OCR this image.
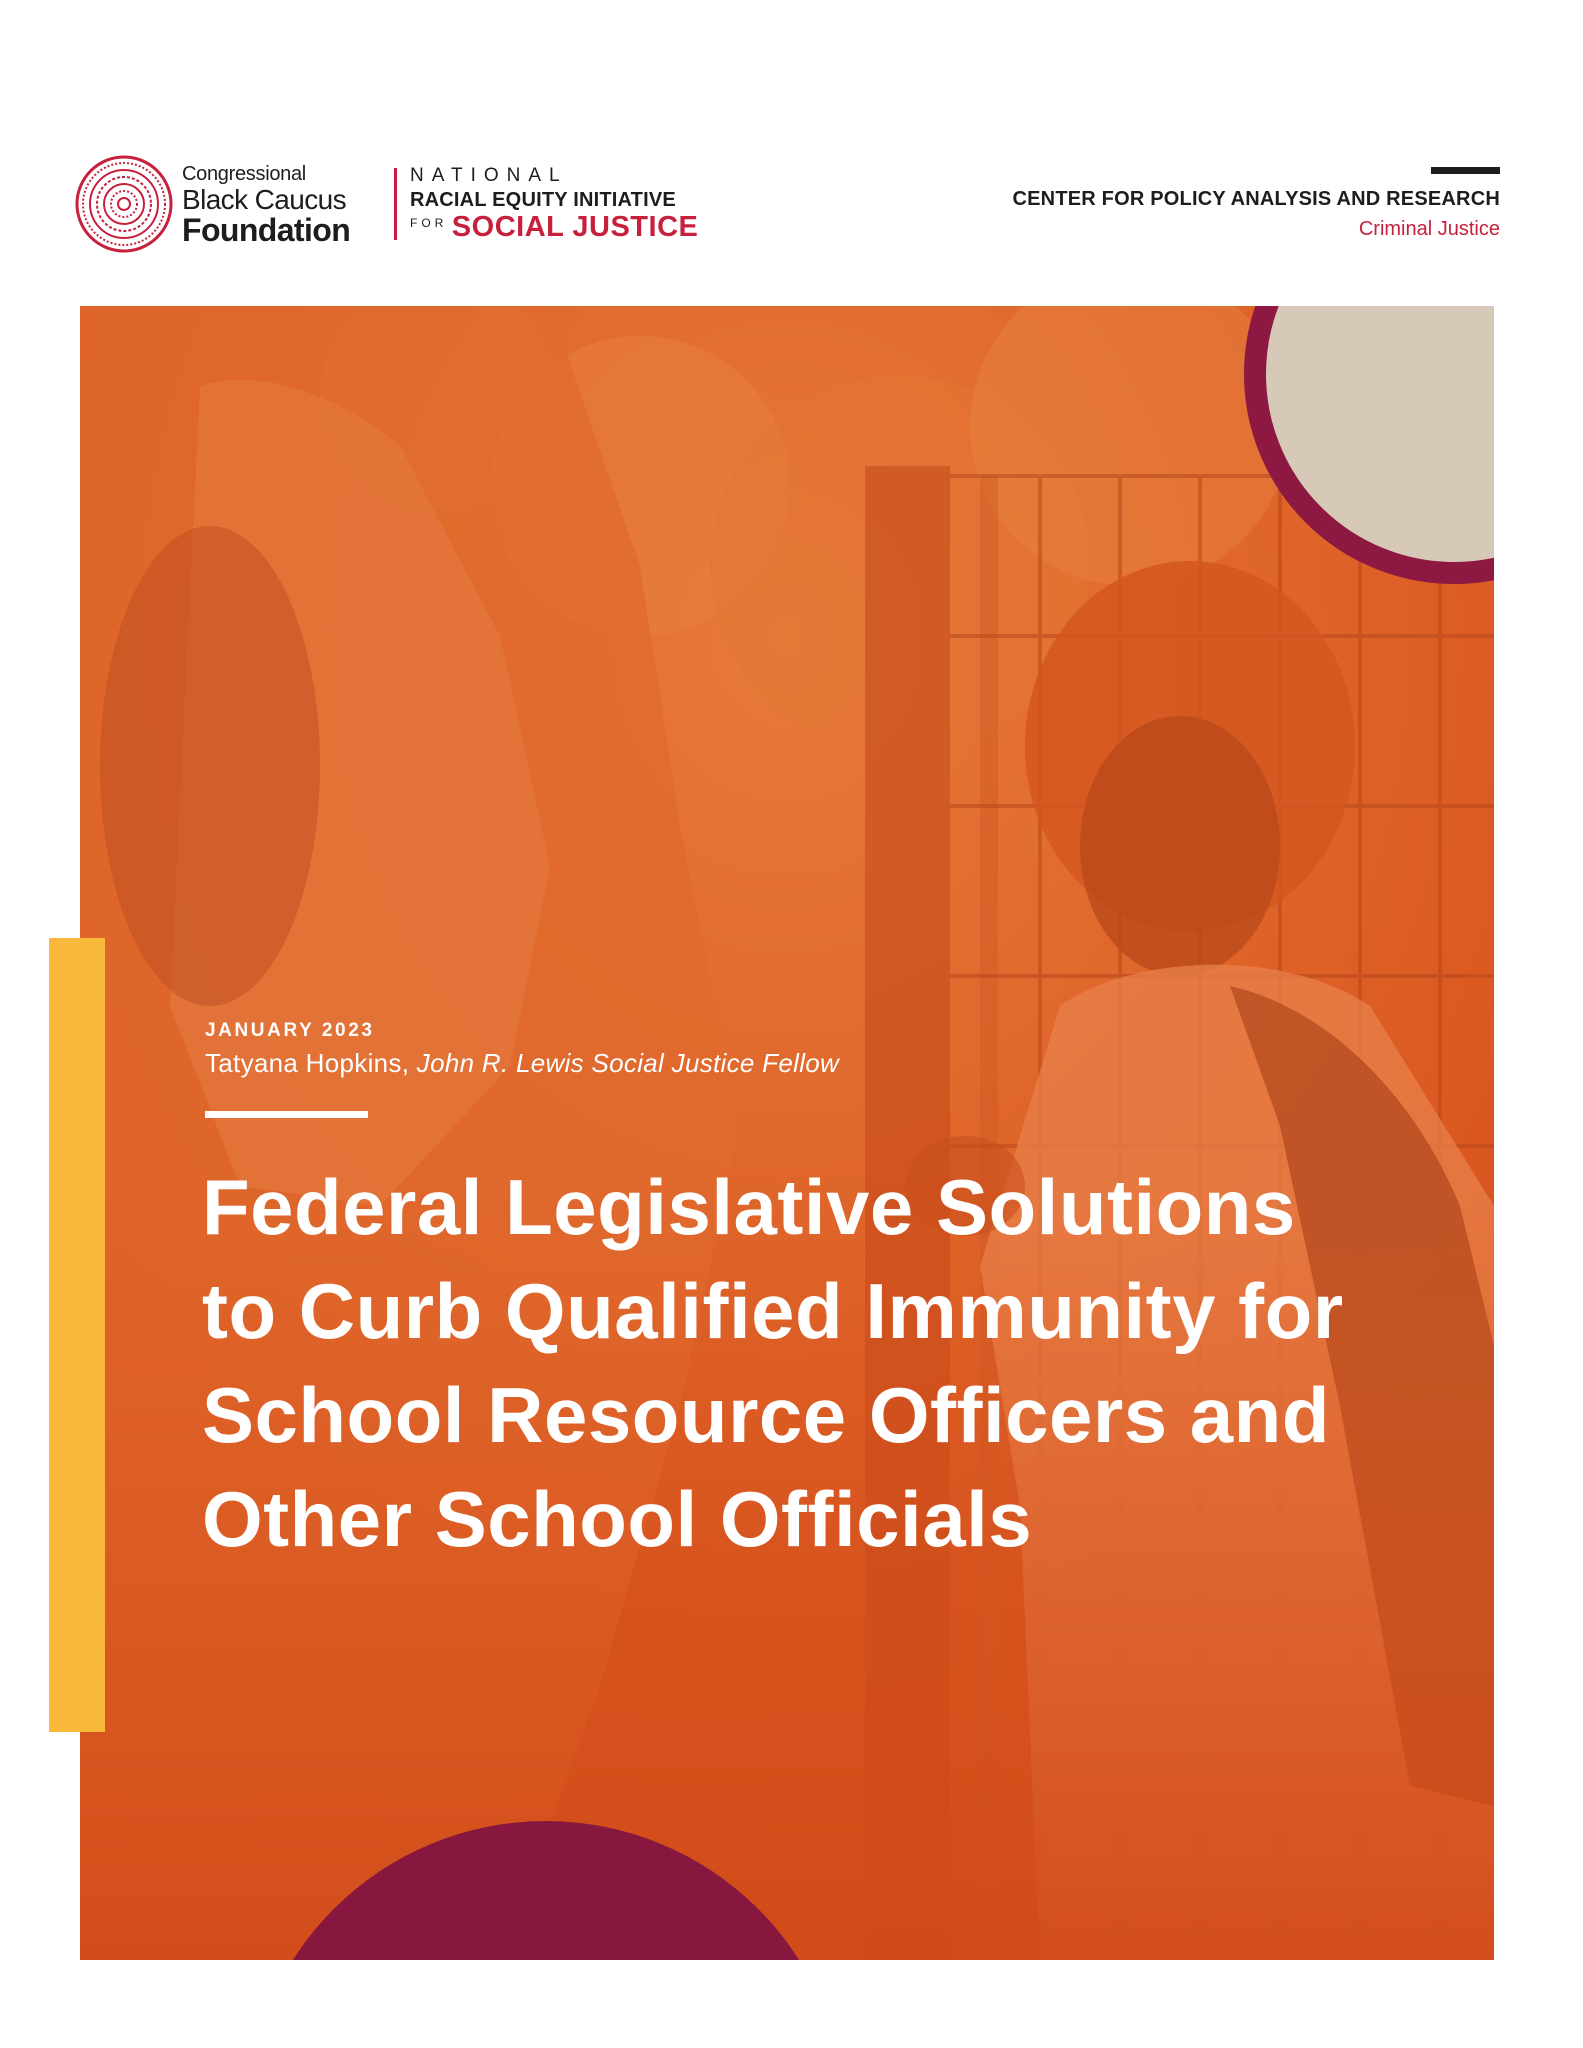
Congressional
Black Caucus
Foundation
NATIONAL
RACIAL EQUITY INITIATIVE
$^{FOR}$ SOCIAL JUSTICE
CENTER FOR POLICY ANALYSIS AND RESEARCH
Criminal Justice
JANUARY 2023
Tatyana Hopkins, John R. Lewis Social Justice Fellow
Federal Legislative Solutions to Curb Qualified Immunity for School Resource Officers and Other School Officials
